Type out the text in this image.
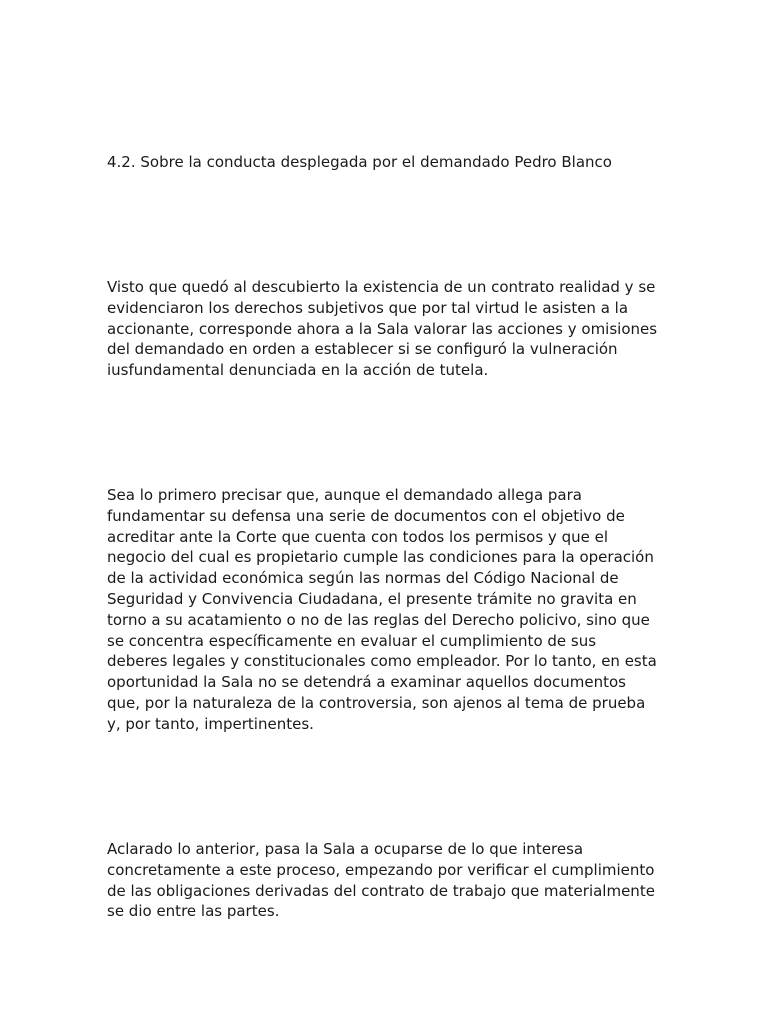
4.2. Sobre la conducta desplegada por el demandado Pedro Blanco

Visto que quedó al descubierto la existencia de un contrato realidad y se
evidenciaron los derechos subjetivos que por tal virtud le asisten a la
accionante, corresponde ahora a la Sala valorar las acciones y omisiones
del demandado en orden a establecer si se configuró la vulneración
iusfundamental denunciada en la acción de tutela.

Sea lo primero precisar que, aunque el demandado allega para
fundamentar su defensa una serie de documentos con el objetivo de
acreditar ante la Corte que cuenta con todos los permisos y que el
negocio del cual es propietario cumple las condiciones para la operación
de la actividad económica según las normas del Código Nacional de
Seguridad y Convivencia Ciudadana, el presente trámite no gravita en
torno a su acatamiento o no de las reglas del Derecho policivo, sino que
se concentra específicamente en evaluar el cumplimiento de sus
deberes legales y constitucionales como empleador. Por lo tanto, en esta
oportunidad la Sala no se detendrá a examinar aquellos documentos
que, por la naturaleza de la controversia, son ajenos al tema de prueba
y, por tanto, impertinentes.

Aclarado lo anterior, pasa la Sala a ocuparse de lo que interesa
concretamente a este proceso, empezando por verificar el cumplimiento
de las obligaciones derivadas del contrato de trabajo que materialmente
se dio entre las partes.
